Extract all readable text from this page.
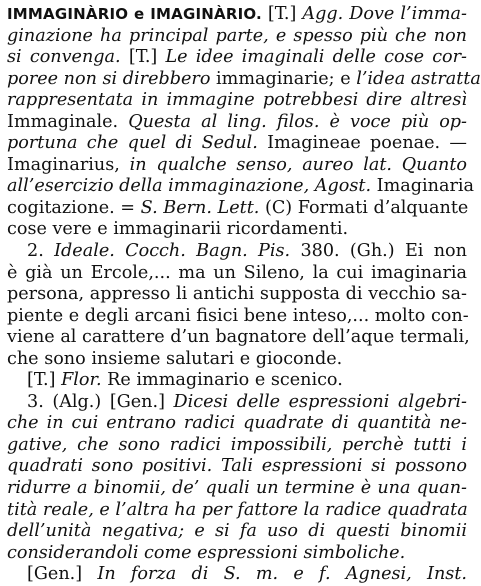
IMMAGINÀRIO e IMAGINÀRIO. [T.] Agg. Dove l’imma-
ginazione ha principal parte, e spesso più che non
si convenga. [T.] Le idee imaginali delle cose cor-
poree non si direbbero immaginarie; e l’idea astratta
rappresentata in immagine potrebbesi dire altresì
Immaginale. Questa al ling. filos. è voce più op-
portuna che quel di Sedul. Imagineae poenae. —
Imaginarius, in qualche senso, aureo lat. Quanto
all’esercizio della immaginazione, Agost. Imaginaria
cogitazione. = S. Bern. Lett. (C) Formati d’alquante
cose vere e immaginarii ricordamenti.
2. Ideale. Cocch. Bagn. Pis. 380. (Gh.) Ei non
è già un Ercole,... ma un Sileno, la cui imaginaria
persona, appresso li antichi supposta di vecchio sa-
piente e degli arcani fisici bene inteso,... molto con-
viene al carattere d’un bagnatore dell’aque termali,
che sono insieme salutari e gioconde.
[T.] Flor. Re immaginario e scenico.
3. (Alg.) [Gen.] Dicesi delle espressioni algebri-
che in cui entrano radici quadrate di quantità ne-
gative, che sono radici impossibili, perchè tutti i
quadrati sono positivi. Tali espressioni si possono
ridurre a binomii, de’ quali un termine è una quan-
tità reale, e l’altra ha per fattore la radice quadrata
dell’unità negativa; e si fa uso di questi binomii
considerandoli come espressioni simboliche.
[Gen.] In forza di S. m. e f. Agnesi, Inst.
